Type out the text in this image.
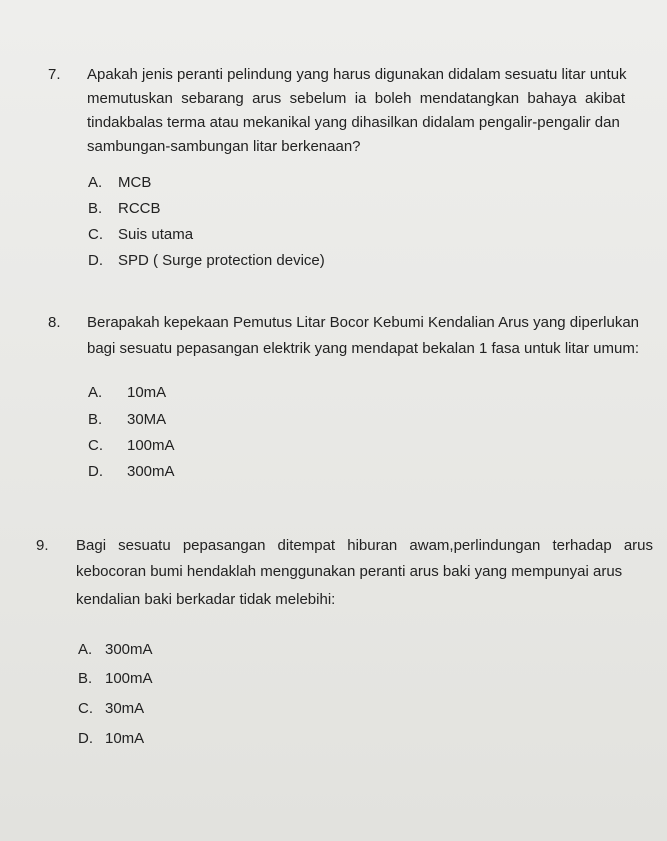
7. Apakah jenis peranti pelindung yang harus digunakan didalam sesuatu litar untuk
memutuskan sebarang arus sebelum ia boleh mendatangkan bahaya akibat
tindakbalas terma atau mekanikal yang dihasilkan didalam pengalir-pengalir dan
sambungan-sambungan litar berkenaan?
A. MCB
B. RCCB
C. Suis utama
D. SPD ( Surge protection device)
8. Berapakah kepekaan Pemutus Litar Bocor Kebumi Kendalian Arus yang diperlukan
bagi sesuatu pepasangan elektrik yang mendapat bekalan 1 fasa untuk litar umum:
A. 10mA
B. 30MA
C. 100mA
D. 300mA
9. Bagi sesuatu pepasangan ditempat hiburan awam,perlindungan terhadap arus
kebocoran bumi hendaklah menggunakan peranti arus baki yang mempunyai arus
kendalian baki berkadar tidak melebihi:
A. 300mA
B. 100mA
C. 30mA
D. 10mA
